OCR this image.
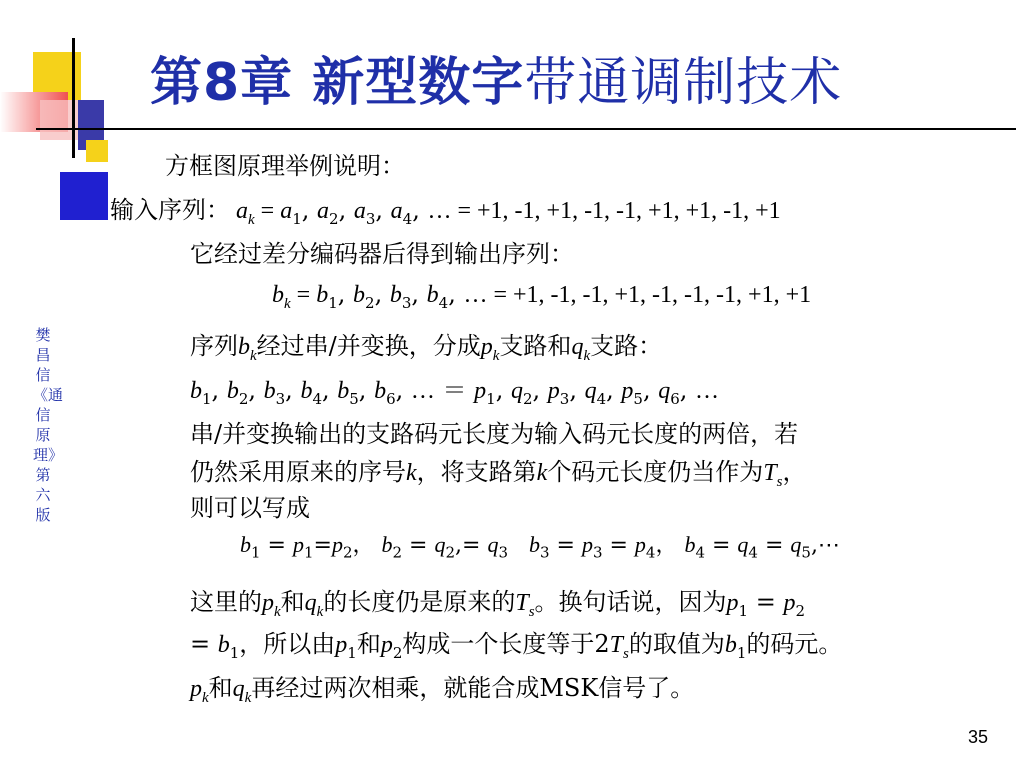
第8章 新型数字带通调制技术
樊昌信《通信原理》第六版
方框图原理举例说明：
输入序列： $a_k = a_1$, $a_2$, $a_3$, $a_4$, … = +1, -1, +1, -1, -1, +1, +1, -1, +1
它经过差分编码器后得到输出序列：
$b_k = b_1$, $b_2$, $b_3$, $b_4$, … = +1, -1, -1, +1, -1, -1, -1, +1, +1
序列$b_k$经过串/并变换，分成$p_k$支路和$q_k$支路：
$b_1$, $b_2$, $b_3$, $b_4$, $b_5$, $b_6$, … ＝ $p_1$, $q_2$, $p_3$, $q_4$, $p_5$, $q_6$, …
串/并变换输出的支路码元长度为输入码元长度的两倍，若
仍然采用原来的序号k，将支路第k个码元长度仍当作为$T_s$，
则可以写成
$b_1 = p_1=p_2$， $b_2 = q_2,= q_3$ $b_3 = p_3 = p_4$， $b_4 = q_4$ = $q_5,\cdots$
这里的$p_k$和$q_k$的长度仍是原来的$T_s$。换句话说，因为$p_1 = p_2$
= $b_1$，所以由$p_1$和$p_2$构成一个长度等于$2T_s$的取值为$b_1$的码元。
$p_k$和$q_k$再经过两次相乘，就能合成MSK信号了。
35
